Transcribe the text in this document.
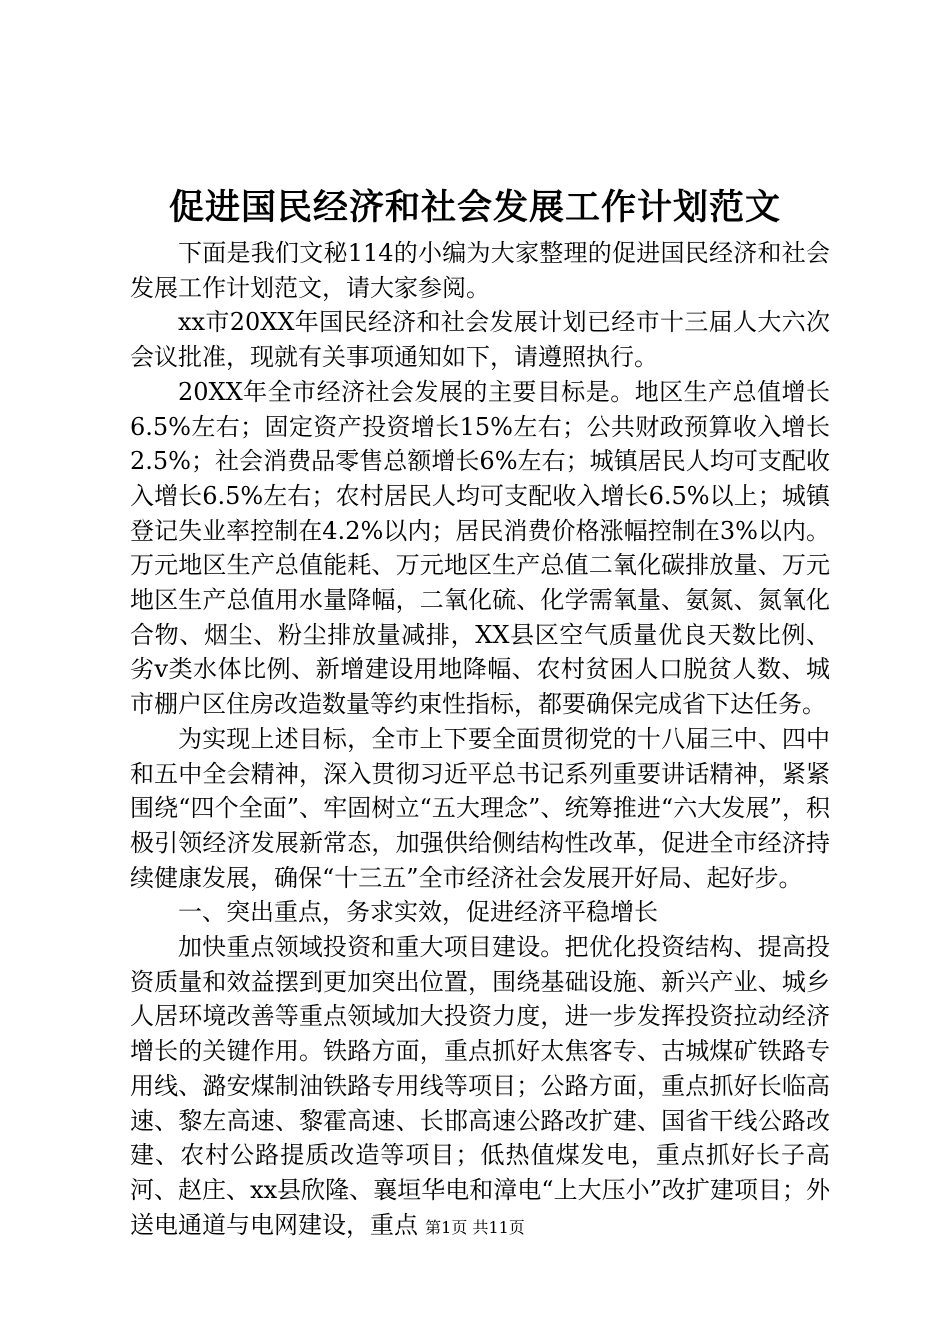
促进国民经济和社会发展工作计划范文

下面是我们文秘114的小编为大家整理的促进国民经济和社会发展工作计划范文，请大家参阅。

xx市20XX年国民经济和社会发展计划已经市十三届人大六次会议批准，现就有关事项通知如下，请遵照执行。

20XX年全市经济社会发展的主要目标是。地区生产总值增长6.5%左右；固定资产投资增长15%左右；公共财政预算收入增长2.5%；社会消费品零售总额增长6%左右；城镇居民人均可支配收入增长6.5%左右；农村居民人均可支配收入增长6.5%以上；城镇登记失业率控制在4.2%以内；居民消费价格涨幅控制在3%以内。万元地区生产总值能耗、万元地区生产总值二氧化碳排放量、万元地区生产总值用水量降幅，二氧化硫、化学需氧量、氨氮、氮氧化合物、烟尘、粉尘排放量减排，XX县区空气质量优良天数比例、劣v类水体比例、新增建设用地降幅、农村贫困人口脱贫人数、城市棚户区住房改造数量等约束性指标，都要确保完成省下达任务。

为实现上述目标，全市上下要全面贯彻党的十八届三中、四中和五中全会精神，深入贯彻习近平总书记系列重要讲话精神，紧紧围绕“四个全面”、牢固树立“五大理念”、统筹推进“六大发展”，积极引领经济发展新常态，加强供给侧结构性改革，促进全市经济持续健康发展，确保“十三五”全市经济社会发展开好局、起好步。

一、突出重点，务求实效，促进经济平稳增长

加快重点领域投资和重大项目建设。把优化投资结构、提高投资质量和效益摆到更加突出位置，围绕基础设施、新兴产业、城乡人居环境改善等重点领域加大投资力度，进一步发挥投资拉动经济增长的关键作用。铁路方面，重点抓好太焦客专、古城煤矿铁路专用线、潞安煤制油铁路专用线等项目；公路方面，重点抓好长临高速、黎左高速、黎霍高速、长邯高速公路改扩建、国省干线公路改建、农村公路提质改造等项目；低热值煤发电，重点抓好长子高河、赵庄、xx县欣隆、襄垣华电和漳电“上大压小”改扩建项目；外送电通道与电网建设，重点 第1页 共11页
